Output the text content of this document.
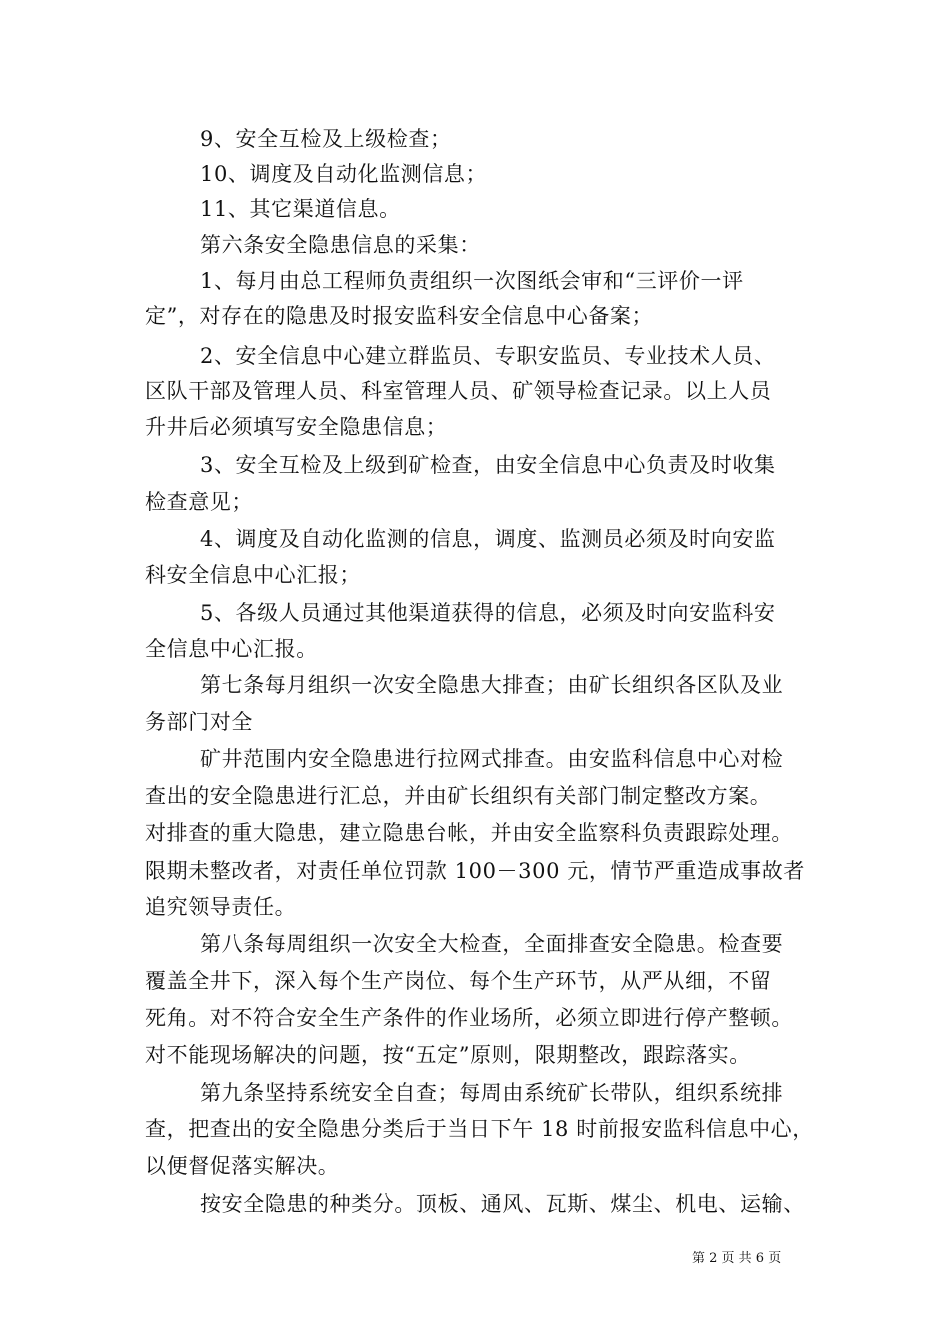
9、安全互检及上级检查；
10、调度及自动化监测信息；
11、其它渠道信息。
第六条安全隐患信息的采集：
1、每月由总工程师负责组织一次图纸会审和“三评价一评
定”，对存在的隐患及时报安监科安全信息中心备案；
2、安全信息中心建立群监员、专职安监员、专业技术人员、
区队干部及管理人员、科室管理人员、矿领导检查记录。以上人员
升井后必须填写安全隐患信息；
3、安全互检及上级到矿检查，由安全信息中心负责及时收集
检查意见；
4、调度及自动化监测的信息，调度、监测员必须及时向安监
科安全信息中心汇报；
5、各级人员通过其他渠道获得的信息，必须及时向安监科安
全信息中心汇报。
第七条每月组织一次安全隐患大排查；由矿长组织各区队及业
务部门对全
矿井范围内安全隐患进行拉网式排查。由安监科信息中心对检
查出的安全隐患进行汇总，并由矿长组织有关部门制定整改方案。
对排查的重大隐患，建立隐患台帐，并由安全监察科负责跟踪处理。
限期未整改者，对责任单位罚款 100－300 元，情节严重造成事故者
追究领导责任。
第八条每周组织一次安全大检查，全面排查安全隐患。检查要
覆盖全井下，深入每个生产岗位、每个生产环节，从严从细，不留
死角。对不符合安全生产条件的作业场所，必须立即进行停产整顿。
对不能现场解决的问题，按“五定”原则，限期整改，跟踪落实。
第九条坚持系统安全自查；每周由系统矿长带队，组织系统排
查，把查出的安全隐患分类后于当日下午 18 时前报安监科信息中心，
以便督促落实解决。
按安全隐患的种类分。顶板、通风、瓦斯、煤尘、机电、运输、
第 2 页 共 6 页
